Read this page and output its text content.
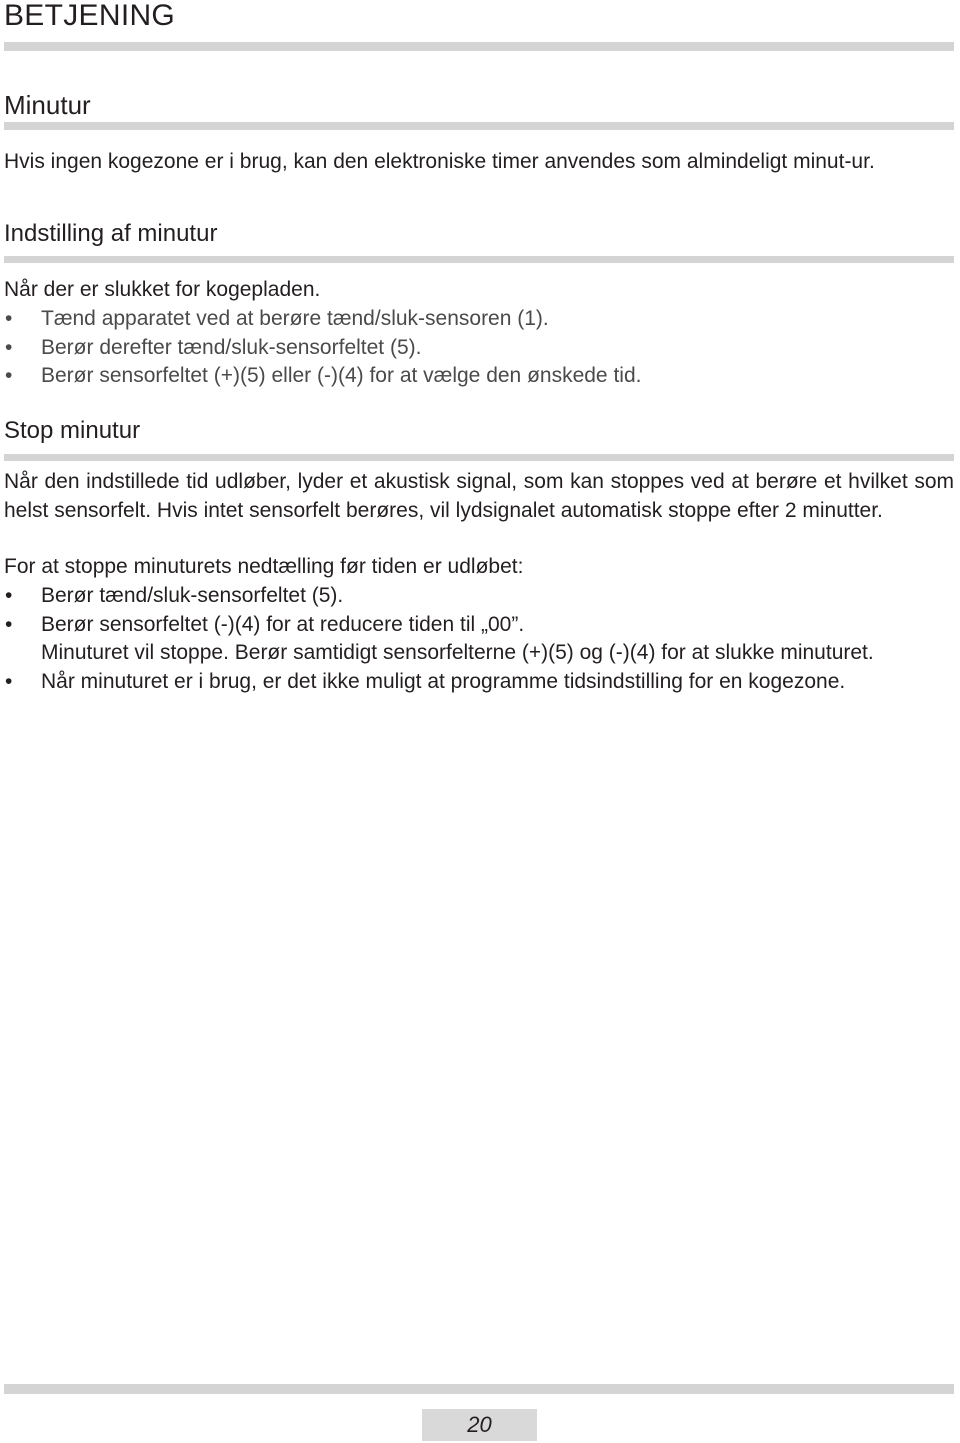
BETJENING
Minutur

Hvis ingen kogezone er i brug, kan den elektroniske timer anvendes som almindeligt minut-ur.

Indstilling af minutur

Når der er slukket for kogepladen.

• Tænd apparatet ved at berøre tænd/sluk-sensoren (1).
• Berør derefter tænd/sluk-sensorfeltet (5).
• Berør sensorfeltet (+)(5) eller (-)(4) for at vælge den ønskede tid.
Stop minutur

Når den indstillede tid udløber, lyder et akustisk signal, som kan stoppes ved at berøre et hvilket som helst sensorfelt. Hvis intet sensorfelt berøres, vil lydsignalet automatisk stoppe efter 2 minutter.

For at stoppe minuturets nedtælling før tiden er udløbet:

• Berør tænd/sluk-sensorfeltet (5).
• Berør sensorfeltet (-)(4) for at reducere tiden til „00”.
Minuturet vil stoppe. Berør samtidigt sensorfelterne (+)(5) og (-)(4) for at slukke minuturet.
• Når minuturet er i brug, er det ikke muligt at programme tidsindstilling for en kogezone.
20
